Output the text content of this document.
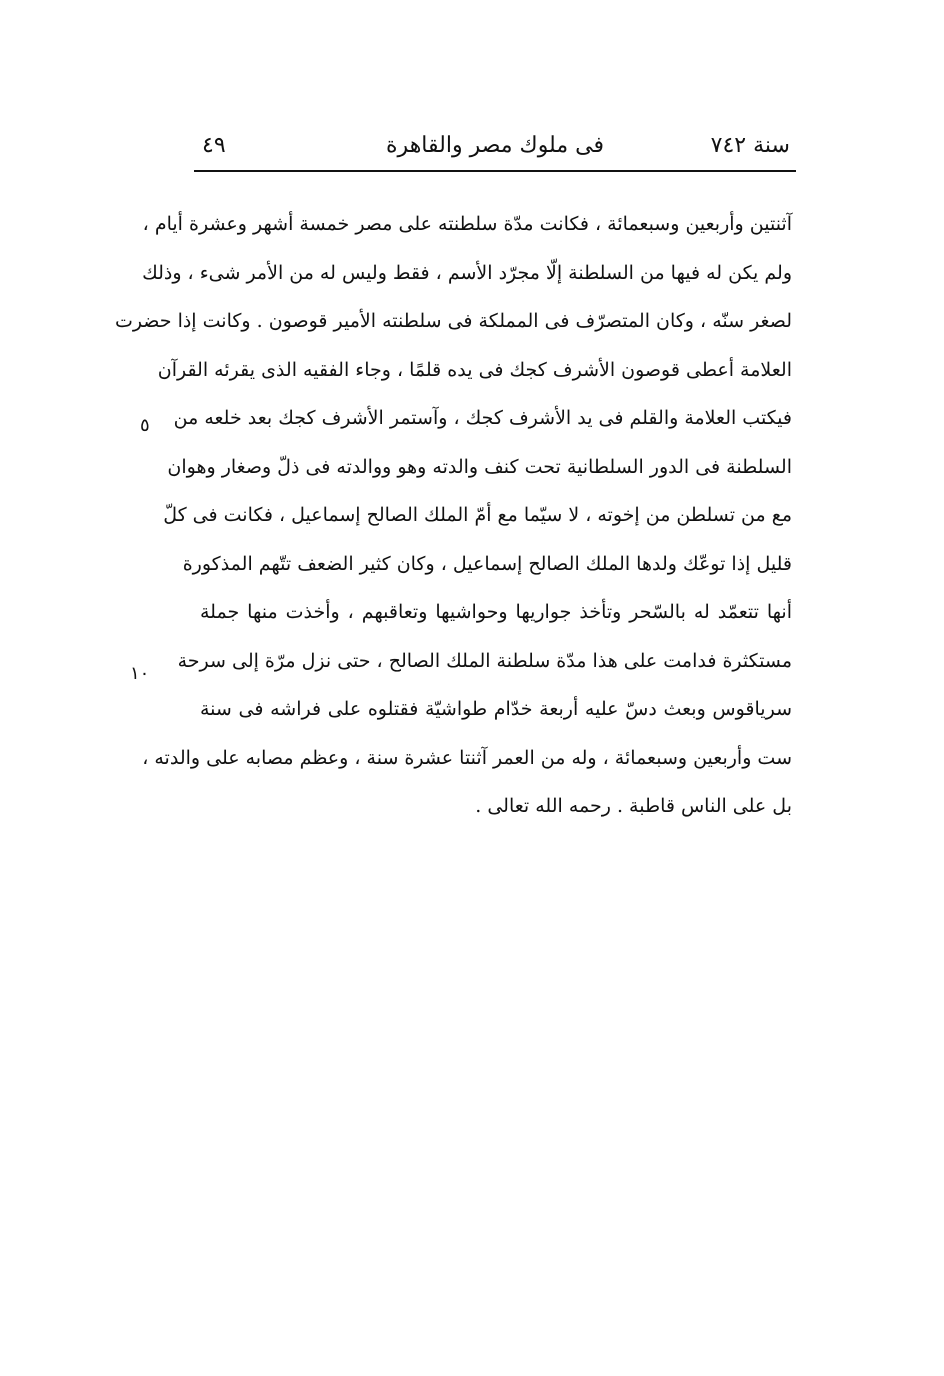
سنة ٧٤٢
فى ملوك مصر والقاهرة
٤٩
آثنتين وأربعين وسبعمائة ، فكانت مدّة سلطنته على مصر خمسة أشهر وعشرة أيام ،
ولم يكن له فيها من السلطنة إلّا مجرّد الأسم ، فقط وليس له من الأمر شىء ، وذلك
لصغر سنّه ، وكان المتصرّف فى المملكة فى سلطنته الأمير قوصون . وكانت إذا حضرت
العلامة أعطى قوصون الأشرف كجك فى يده قلمًا ، وجاء الفقيه الذى يقرئه القرآن
فيكتب العلامة والقلم فى يد الأشرف كجك ، وآستمر الأشرف كجك بعد خلعه من
السلطنة فى الدور السلطانية تحت كنف والدته وهو ووالدته فى ذلّ وصغار وهوان
مع من تسلطن من إخوته ، لا سيّما مع أمّ الملك الصالح إسماعيل ، فكانت فى كلّ
قليل إذا توعّك ولدها الملك الصالح إسماعيل ، وكان كثير الضعف تتّهم المذكورة
أنها تتعمّد له بالسّحر وتأخذ جواريها وحواشيها وتعاقبهم ، وأخذت منها جملة
مستكثرة فدامت على هذا مدّة سلطنة الملك الصالح ، حتى نزل مرّة إلى سرحة
سرياقوس وبعث دسّ عليه أربعة خدّام طواشيّة فقتلوه على فراشه فى سنة
ست وأربعين وسبعمائة ، وله من العمر آثنتا عشرة سنة ، وعظم مصابه على والدته ،
بل على الناس قاطبة . رحمه الله تعالى .
٥
١٠
